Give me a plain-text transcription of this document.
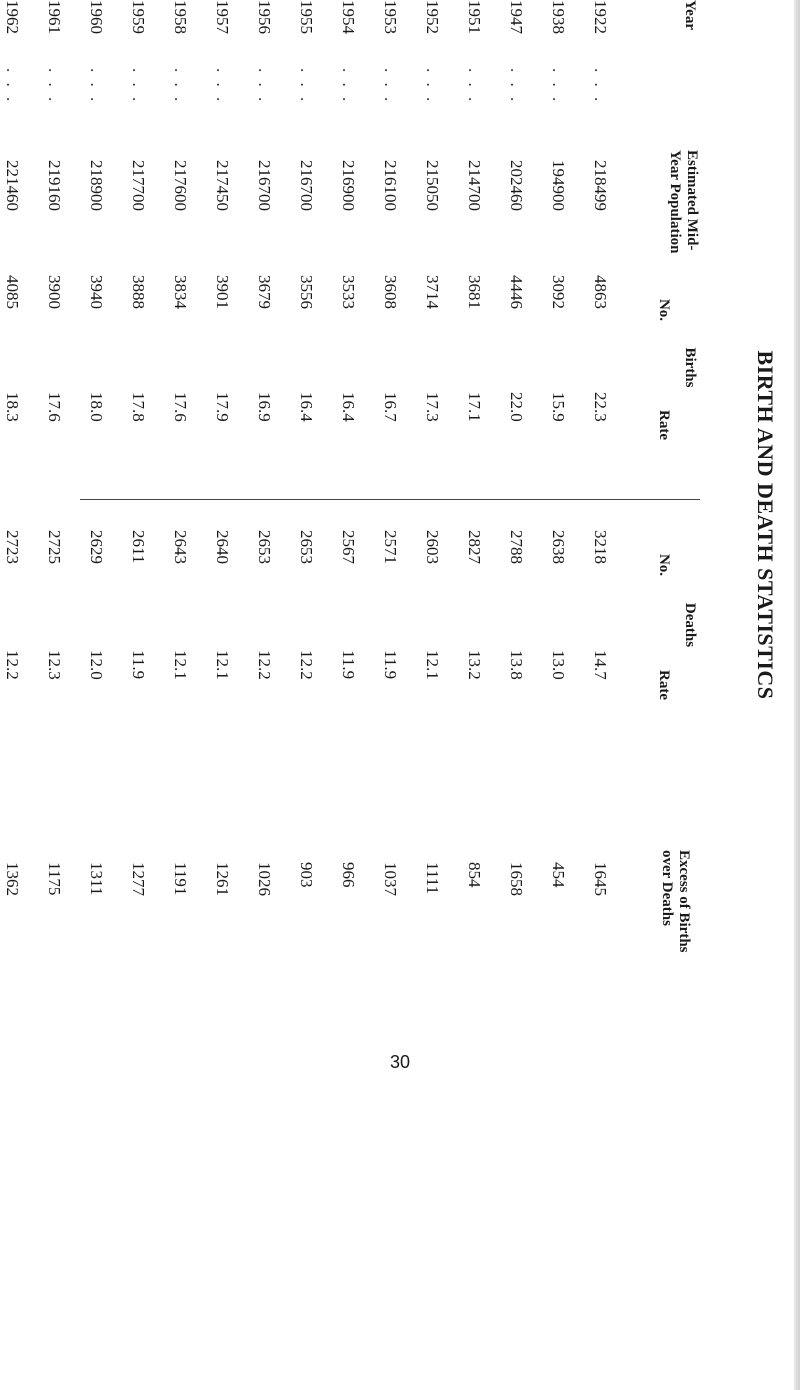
BIRTH AND DEATH STATISTICS
Year
Estimated Mid-Year Population
Births
Deaths
Excess of Births over Deaths
No.
Rate
No.
Rate
1922
. . .
218499
4863
22.3
3218
14.7
1645
1938
. . .
194900
3092
15.9
2638
13.0
454
1947
. . .
202460
4446
22.0
2788
13.8
1658
1951
. . .
214700
3681
17.1
2827
13.2
854
1952
. . .
215050
3714
17.3
2603
12.1
1111
1953
. . .
216100
3608
16.7
2571
11.9
1037
1954
. . .
216900
3533
16.4
2567
11.9
966
1955
. . .
216700
3556
16.4
2653
12.2
903
1956
. . .
216700
3679
16.9
2653
12.2
1026
1957
. . .
217450
3901
17.9
2640
12.1
1261
1958
. . .
217600
3834
17.6
2643
12.1
1191
1959
. . .
217700
3888
17.8
2611
11.9
1277
1960
. . .
218900
3940
18.0
2629
12.0
1311
1961
. . .
219160
3900
17.6
2725
12.3
1175
1962
. . .
221460
4085
18.3
2723
12.2
1362
30
